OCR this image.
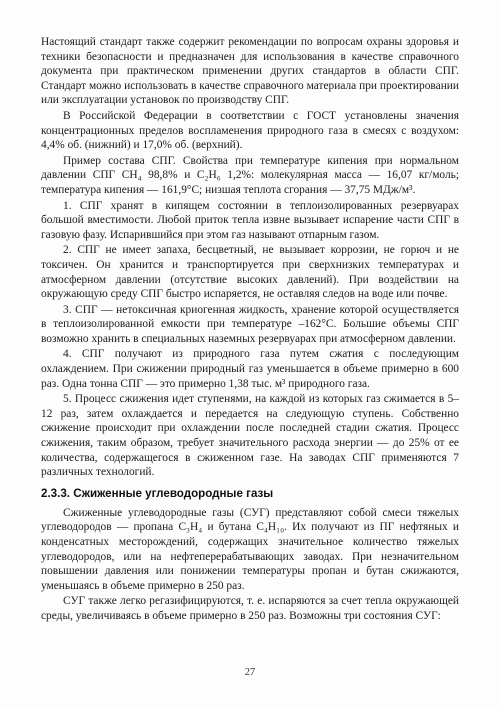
Настоящий стандарт также содержит рекомендации по вопросам охраны здоровья и техники безопасности и предназначен для использования в качестве справочного документа при практическом применении других стандартов в области СПГ. Стандарт можно использовать в качестве справочного материала при проектировании или эксплуатации установок по производству СПГ.

В Российской Федерации в соответствии с ГОСТ установлены значения концентрационных пределов воспламенения природного газа в смесях с воздухом: 4,4% об. (нижний) и 17,0% об. (верхний).

Пример состава СПГ. Свойства при температуре кипения при нормальном давлении СПГ СН₄ 98,8% и С₂Н₆ 1,2%: молекулярная масса — 16,07 кг/моль; температура кипения — 161,9°С; низшая теплота сгорания — 37,75 МДж/м³.

1. СПГ хранят в кипящем состоянии в теплоизолированных резервуарах большой вместимости. Любой приток тепла извне вызывает испарение части СПГ в газовую фазу. Испарившийся при этом газ называют отпарным газом.

2. СПГ не имеет запаха, бесцветный, не вызывает коррозии, не горюч и не токсичен. Он хранится и транспортируется при сверхнизких температурах и атмосферном давлении (отсутствие высоких давлений). При воздействии на окружающую среду СПГ быстро испаряется, не оставляя следов на воде или почве.

3. СПГ — нетоксичная криогенная жидкость, хранение которой осуществляется в теплоизолированной емкости при температуре –162°С. Большие объемы СПГ возможно хранить в специальных наземных резервуарах при атмосферном давлении.

4. СПГ получают из природного газа путем сжатия с последующим охлаждением. При сжижении природный газ уменьшается в объеме примерно в 600 раз. Одна тонна СПГ — это примерно 1,38 тыс. м³ природного газа.

5. Процесс сжижения идет ступенями, на каждой из которых газ сжимается в 5–12 раз, затем охлаждается и передается на следующую ступень. Собственно сжижение происходит при охлаждении после последней стадии сжатия. Процесс сжижения, таким образом, требует значительного расхода энергии — до 25% от ее количества, содержащегося в сжиженном газе. На заводах СПГ применяются 7 различных технологий.

2.3.3. Сжиженные углеводородные газы

Сжиженные углеводородные газы (СУГ) представляют собой смеси тяжелых углеводородов — пропана С₃Н₄ и бутана С₄Н₁₀. Их получают из ПГ нефтяных и конденсатных месторождений, содержащих значительное количество тяжелых углеводородов, или на нефтеперерабатывающих заводах. При незначительном повышении давления или понижении температуры пропан и бутан сжижаются, уменьшаясь в объеме примерно в 250 раз.

СУГ также легко регазифицируются, т. е. испаряются за счет тепла окружающей среды, увеличиваясь в объеме примерно в 250 раз. Возможны три состояния СУГ:

27
